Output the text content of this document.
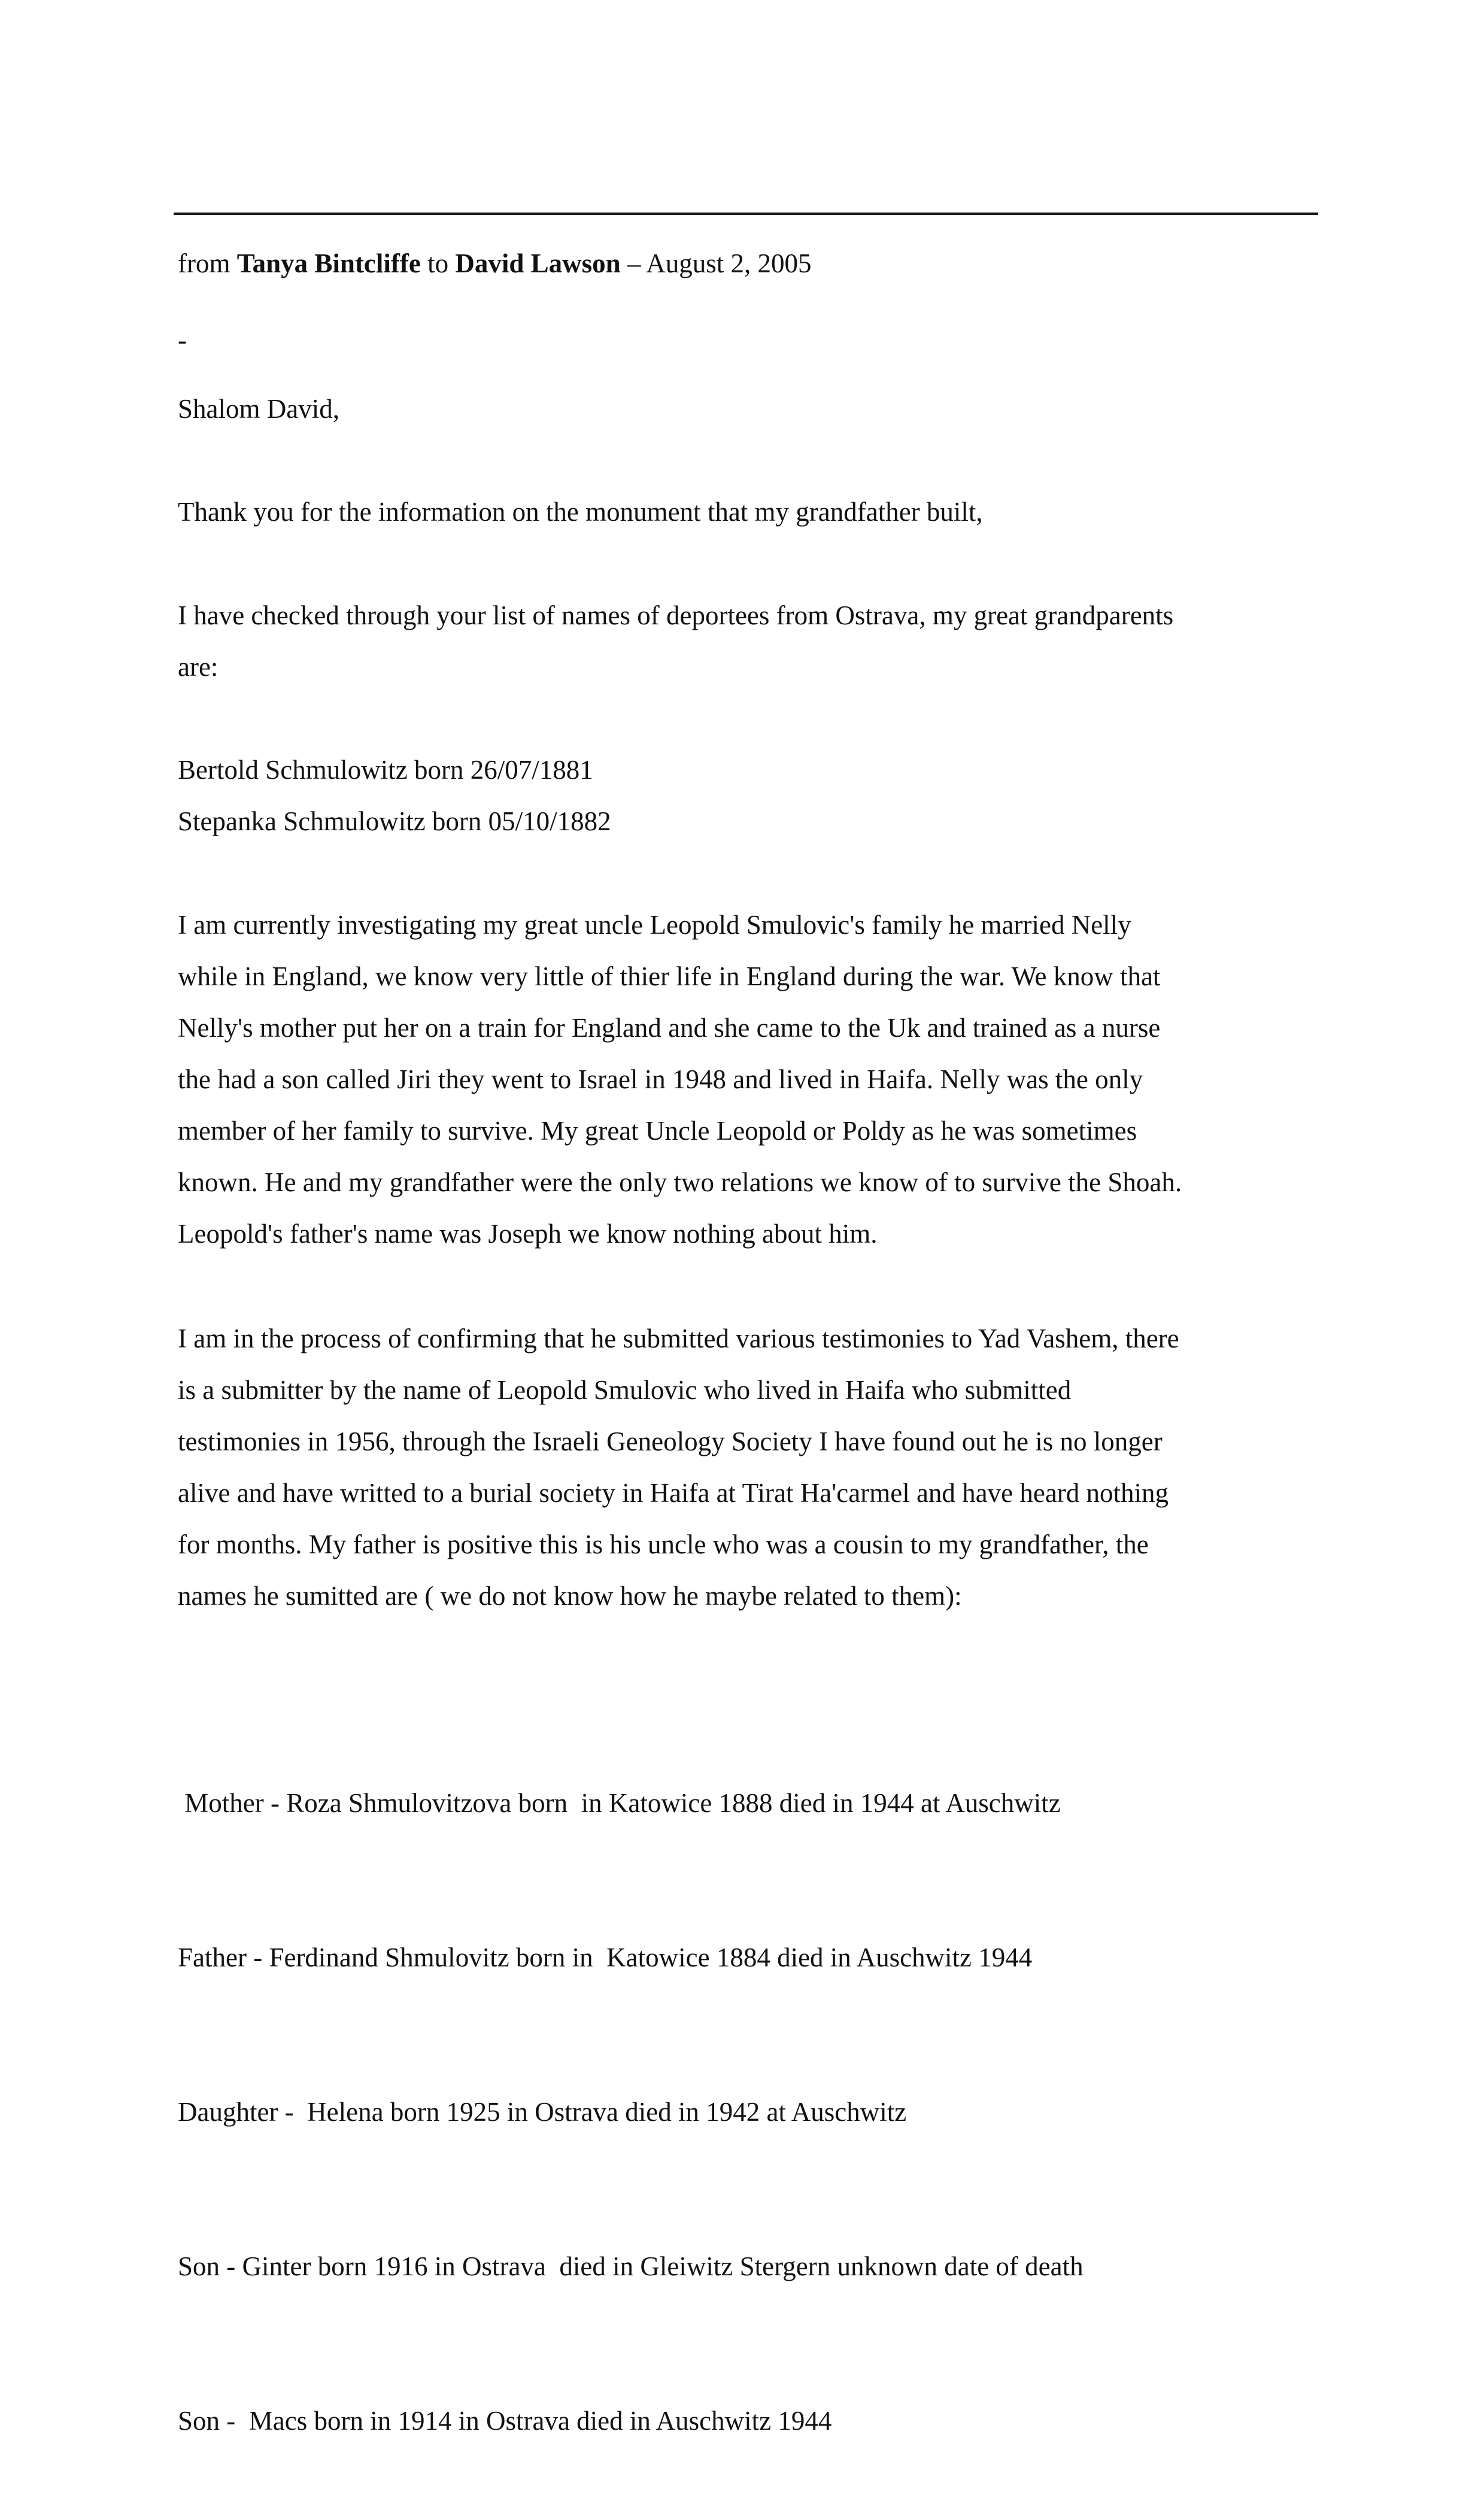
from Tanya Bintcliffe to David Lawson – August 2, 2005

-

Shalom David,

Thank you for the information on the monument that my grandfather built,
I have checked through your list of names of deportees from Ostrava, my great grandparents
are:
Bertold Schmulowitz born 26/07/1881
Stepanka Schmulowitz born 05/10/1882
I am currently investigating my great uncle Leopold Smulovic's family he married Nelly
while in England, we know very little of thier life in England during the war. We know that
Nelly's mother put her on a train for England and she came to the Uk and trained as a nurse
the had a son called Jiri they went to Israel in 1948 and lived in Haifa. Nelly was the only
member of her family to survive. My great Uncle Leopold or Poldy as he was sometimes
known. He and my grandfather were the only two relations we know of to survive the Shoah.
Leopold's father's name was Joseph we know nothing about him.
I am in the process of confirming that he submitted various testimonies to Yad Vashem, there
is a submitter by the name of Leopold Smulovic who lived in Haifa who submitted
testimonies in 1956, through the Israeli Geneology Society I have found out he is no longer
alive and have writted to a burial society in Haifa at Tirat Ha'carmel and have heard nothing
for months. My father is positive this is his uncle who was a cousin to my grandfather, the
names he sumitted are ( we do not know how he maybe related to them):

Mother - Roza Shmulovitzova born  in Katowice 1888 died in 1944 at Auschwitz

Father - Ferdinand Shmulovitz born in  Katowice 1884 died in Auschwitz 1944

Daughter -  Helena born 1925 in Ostrava died in 1942 at Auschwitz

Son - Ginter born 1916 in Ostrava  died in Gleiwitz Stergern unknown date of death

Son -  Macs born in 1914 in Ostrava died in Auschwitz 1944
